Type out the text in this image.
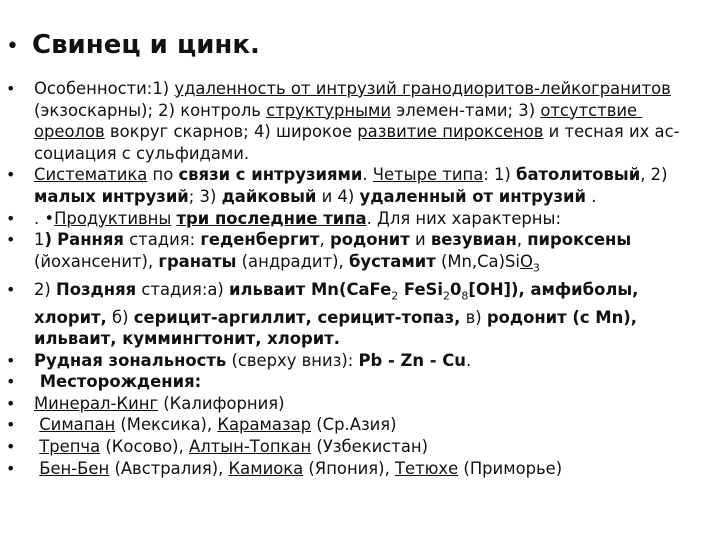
• Свинец и цинк.
•	Особенности:1) удаленность от интрузий гранодиоритов-лейкогранитов (экзоскарны); 2) контроль структурными элемен-тами; 3) отсутствие ореолов вокруг скарнов; 4) широкое развитие пироксенов и тесная их ас-социация с сульфидами.
•	Систематика по связи с интрузиями. Четыре типа: 1) батолитовый, 2) малых интрузий; 3) дайковый и 4) удаленный от интрузий .
•	. •Продуктивны три последние типа. Для них характерны:
•	1) Ранняя стадия: геденбергит, родонит и везувиан, пироксены (йохансенит), гранаты (андрадит), бустамит (Mn,Ca)SiO$_3$
•	2) Поздняя стадия:а) ильваит Mn(CaFe$_2$ $FeSi_20_8[OH]$), амфиболы, хлорит, б) серицит-аргиллит, серицит-топаз, в) родонит (с Mn), ильваит, куммингтонит, хлорит.
•	Рудная зональность (сверху вниз): Pb - Zn - Cu.
•	Месторождения:
•	Минерал-Кинг (Калифорния)
•	Симапан (Мексика), Карамазар (Ср.Азия)
•	Трепча (Косово), Алтын-Топкан (Узбекистан)
•	Бен-Бен (Австралия), Камиока (Япония), Тетюхе (Приморье)
